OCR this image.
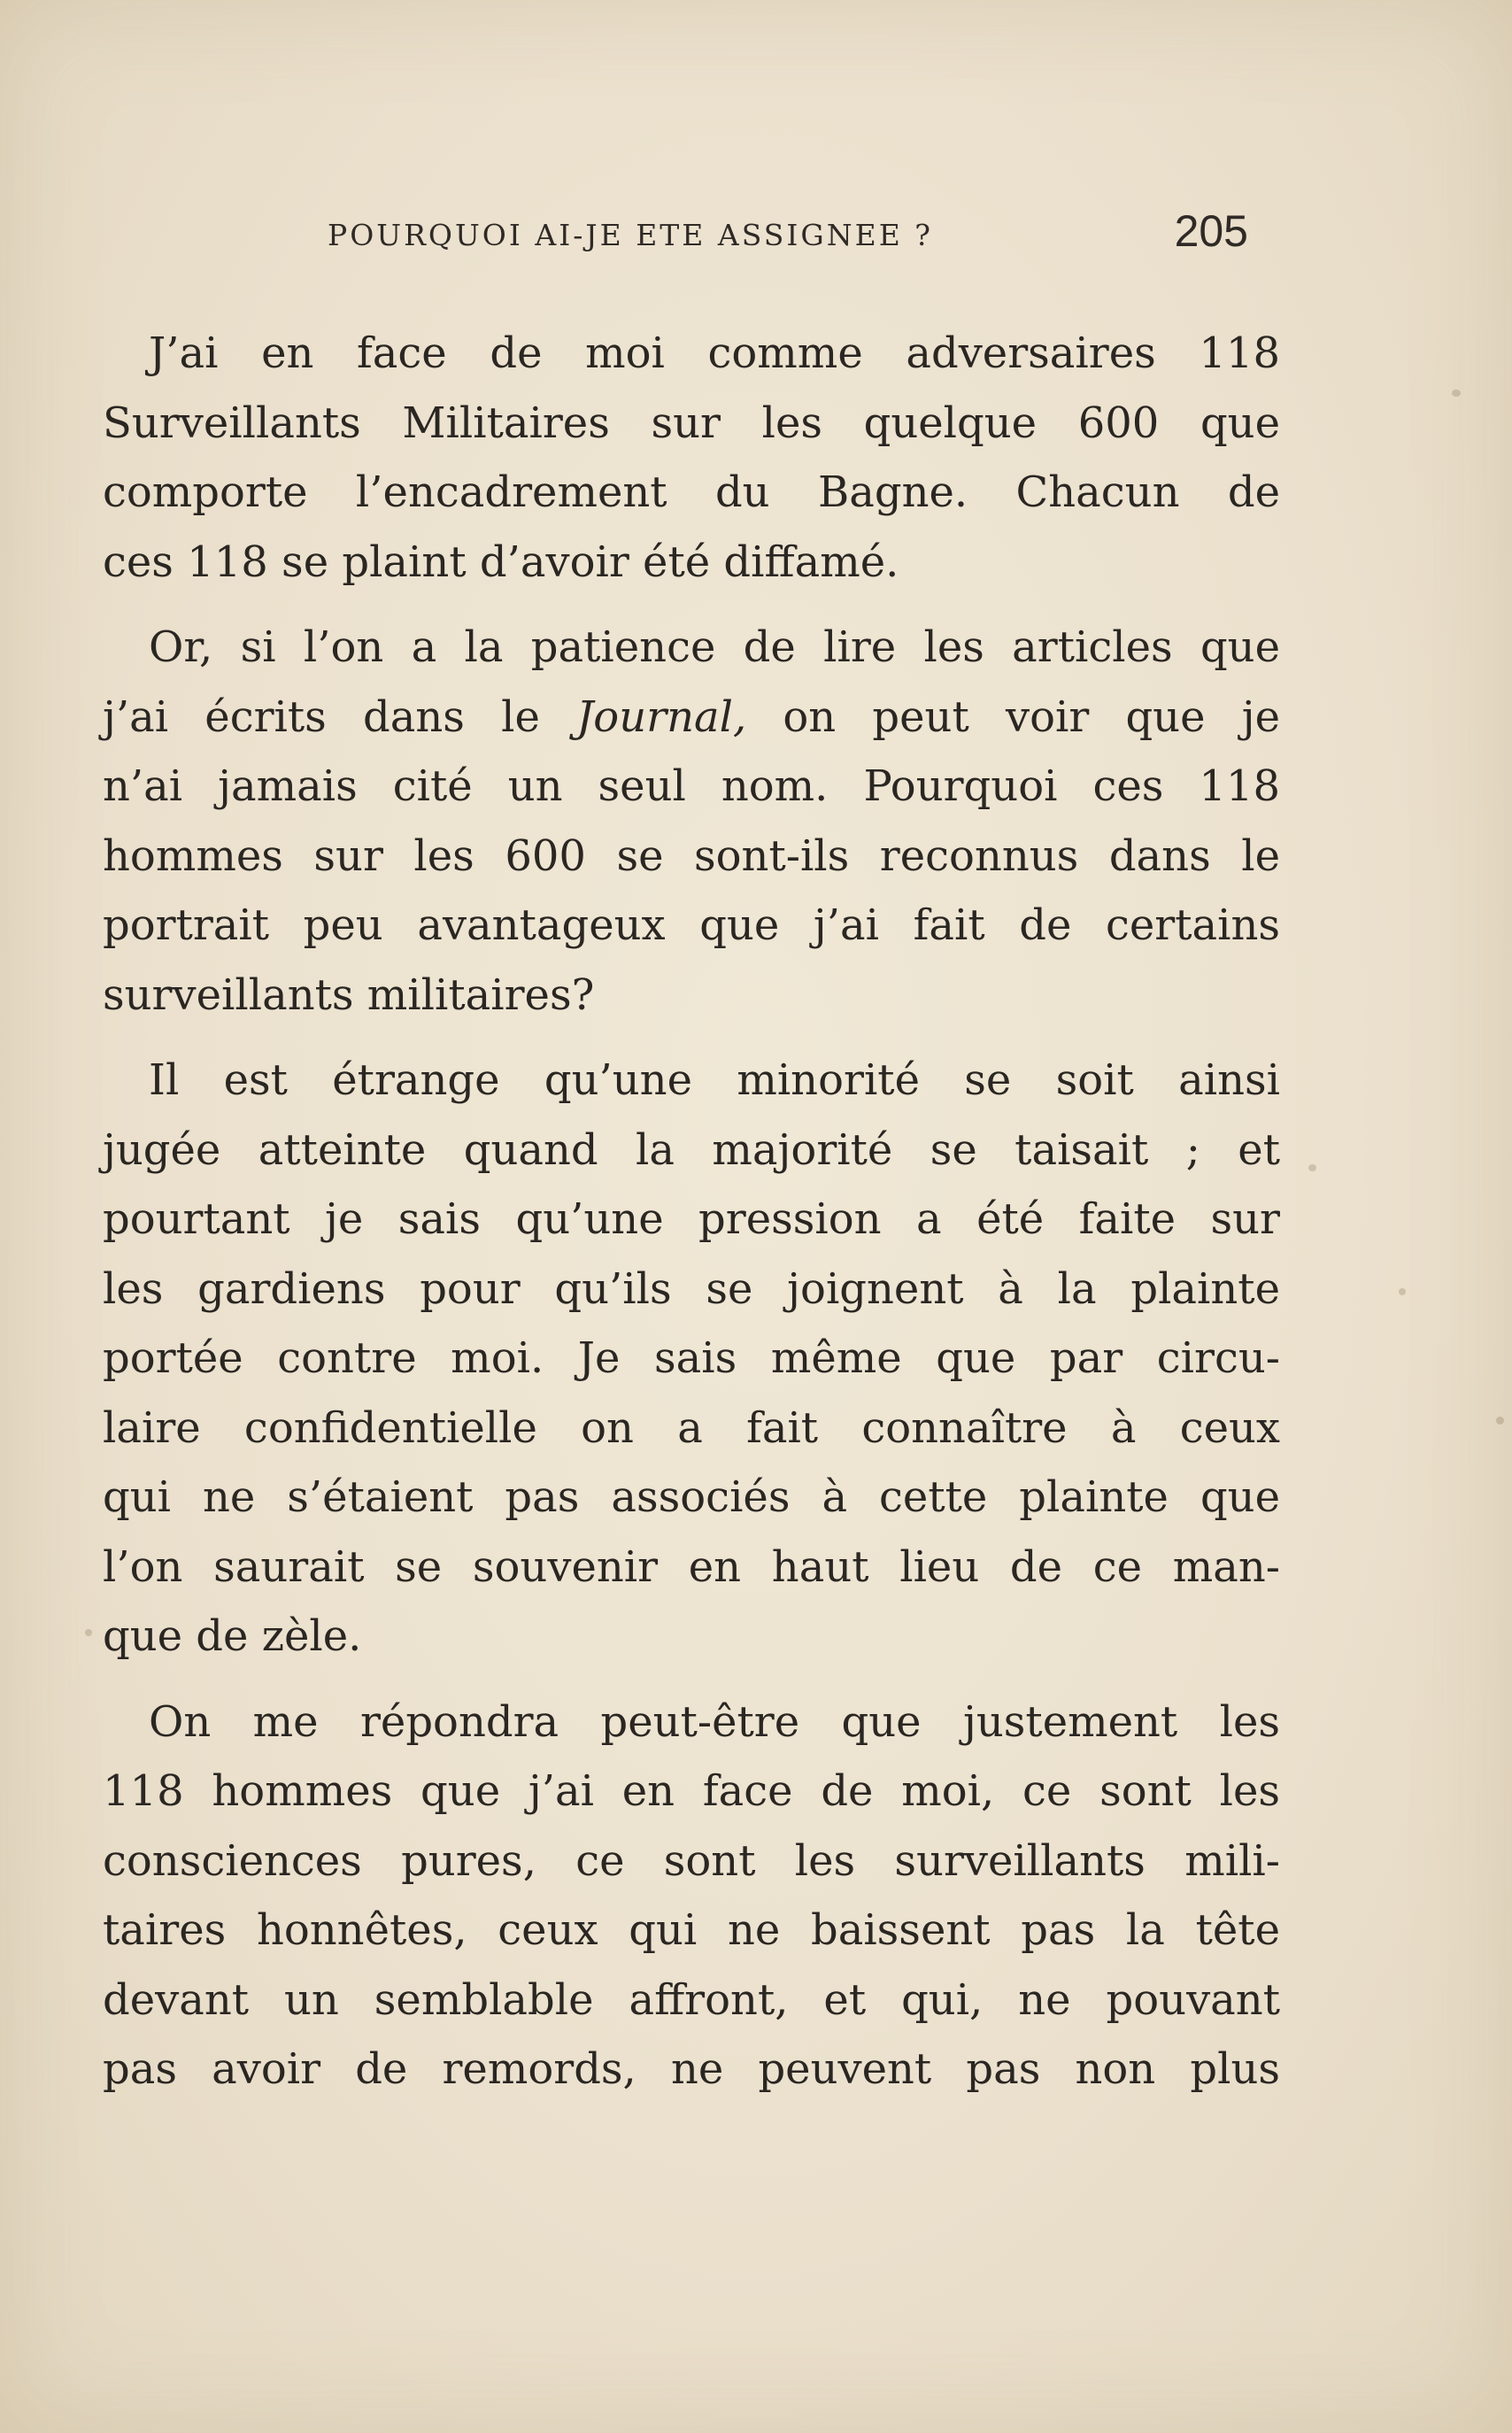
POURQUOI AI-JE ETE ASSIGNEE ?	205
J’ai en face de moi comme adversaires 118
Surveillants Militaires sur les quelque 600 que
comporte l’encadrement du Bagne. Chacun de
ces 118 se plaint d’avoir été diffamé.
Or, si l’on a la patience de lire les articles que
j’ai écrits dans le Journal, on peut voir que je
n’ai jamais cité un seul nom. Pourquoi ces 118
hommes sur les 600 se sont-ils reconnus dans le
portrait peu avantageux que j’ai fait de certains
surveillants militaires?
Il est étrange qu’une minorité se soit ainsi
jugée atteinte quand la majorité se taisait ; et
pourtant je sais qu’une pression a été faite sur
les gardiens pour qu’ils se joignent à la plainte
portée contre moi. Je sais même que par circu-
laire confidentielle on a fait connaître à ceux
qui ne s’étaient pas associés à cette plainte que
l’on saurait se souvenir en haut lieu de ce man-
que de zèle.
On me répondra peut-être que justement les
118 hommes que j’ai en face de moi, ce sont les
consciences pures, ce sont les surveillants mili-
taires honnêtes, ceux qui ne baissent pas la tête
devant un semblable affront, et qui, ne pouvant
pas avoir de remords, ne peuvent pas non plus
